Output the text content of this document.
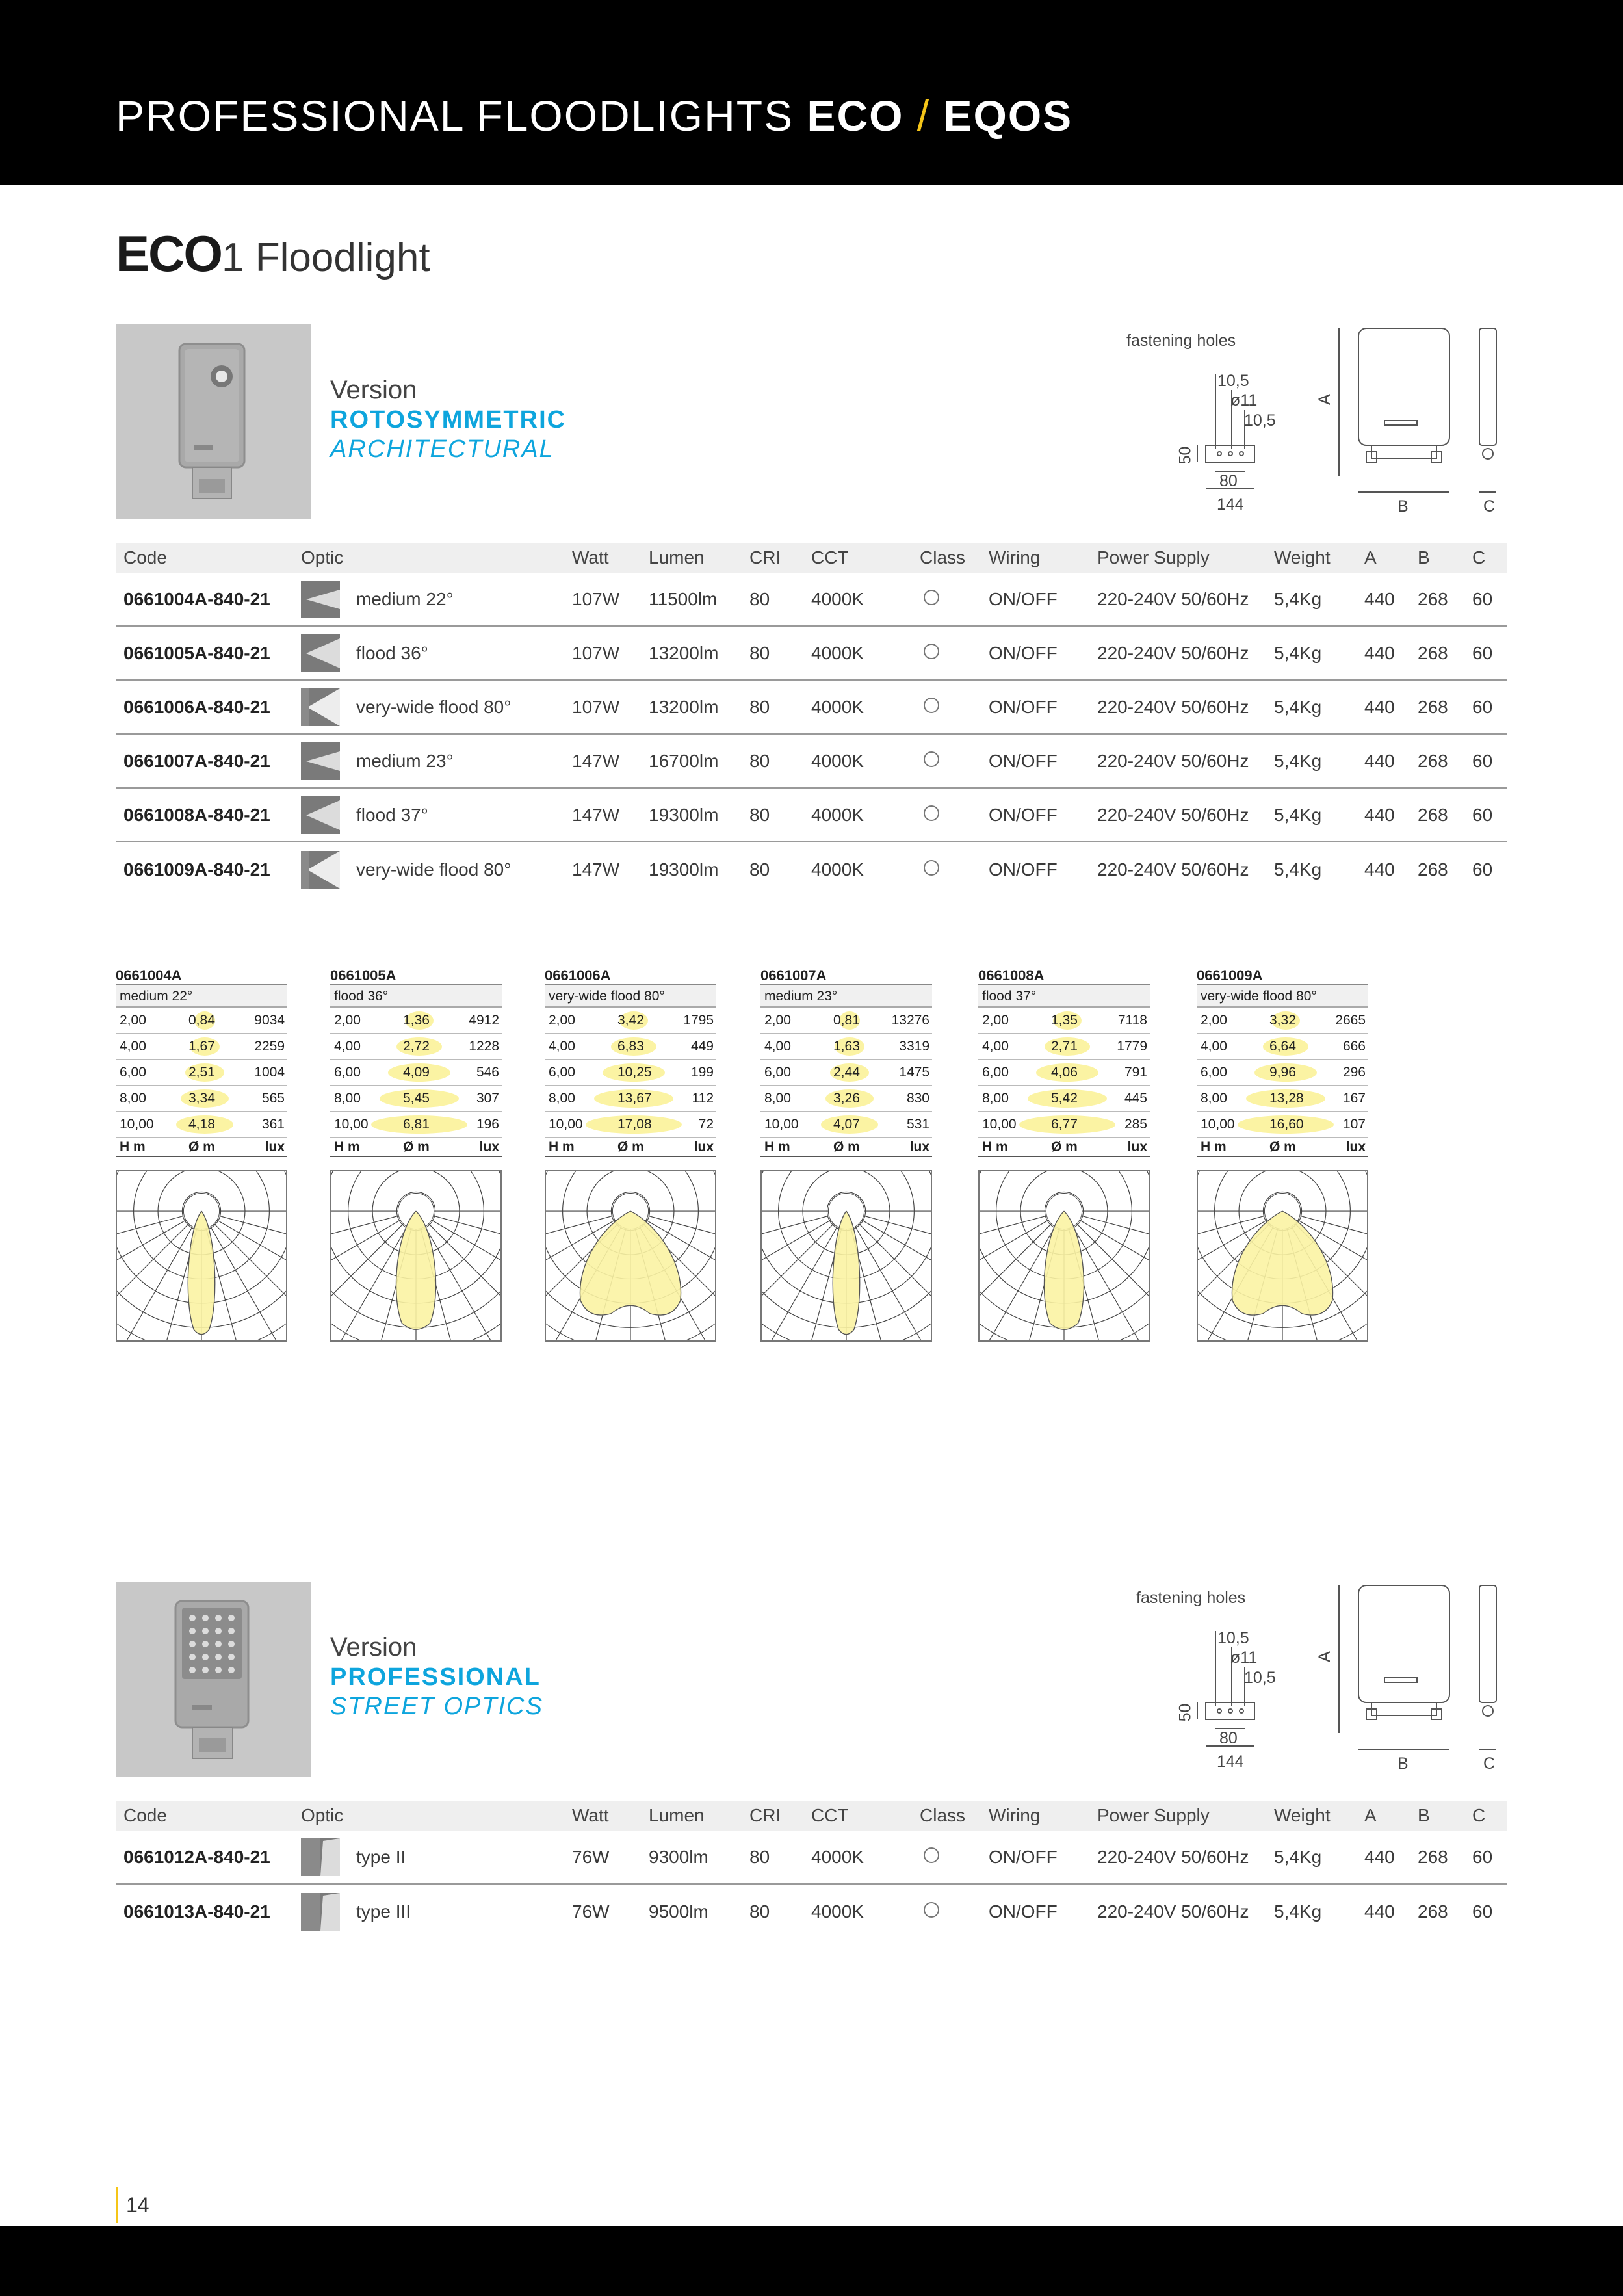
PROFESSIONAL FLOODLIGHTS ECO / EQOS
ECO1 Floodlight
Version
ROTOSYMMETRIC
ARCHITECTURAL
fastening holes
10,5
ø11
10,5
50
80
144
A
B	C
Code	Optic	Watt Lumen CRI CCT	Class Wiring	Power Supply	Weight A B C
0661004A-840-21	medium 22°	107W 11500lm 80 4000K	ON/OFF 220-240V 50/60Hz 5,4Kg 440 268 60
0661005A-840-21	flood 36°	107W 13200lm 80 4000K	ON/OFF 220-240V 50/60Hz 5,4Kg 440 268 60
0661006A-840-21	very-wide flood 80°	107W 13200lm 80 4000K	ON/OFF 220-240V 50/60Hz 5,4Kg 440 268 60
0661007A-840-21	medium 23°	147W 16700lm 80 4000K	ON/OFF 220-240V 50/60Hz 5,4Kg 440 268 60
0661008A-840-21	flood 37°	147W 19300lm 80 4000K	ON/OFF 220-240V 50/60Hz 5,4Kg 440 268 60
0661009A-840-21	very-wide flood 80°	147W 19300lm 80 4000K	ON/OFF 220-240V 50/60Hz 5,4Kg 440 268 60
0661004A
medium 22°
2,00	0,84	9034
4,00	1,67	2259
6,00	2,51	1004
8,00	3,34	565
10,00	4,18	361
H m	Ø m	lux
0661005A
flood 36°
2,00	1,36	4912
4,00	2,72	1228
6,00	4,09	546
8,00	5,45	307
10,00	6,81	196
H m	Ø m	lux
0661006A
very-wide flood 80°
2,00	3,42	1795
4,00	6,83	449
6,00	10,25	199
8,00	13,67	112
10,00	17,08	72
H m	Ø m	lux
0661007A
medium 23°
2,00	0,81 13276
4,00	1,63	3319
6,00	2,44	1475
8,00	3,26	830
10,00	4,07	531
H m	Ø m	lux
0661008A
flood 37°
2,00	1,35	7118
4,00	2,71	1779
6,00	4,06	791
8,00	5,42	445
10,00	6,77	285
H m	Ø m	lux
0661009A
very-wide flood 80°
2,00	3,32	2665
4,00	6,64	666
6,00	9,96	296
8,00	13,28	167
10,00	16,60	107
H m	Ø m	lux
Version
PROFESSIONAL
STREET OPTICS
fastening holes
10,5
ø11
10,5
50
80
144
A
B	C
Code	Optic	Watt Lumen CRI CCT	Class Wiring	Power Supply	Weight A B C
0661012A-840-21	type II	76W 9300lm 80 4000K	ON/OFF 220-240V 50/60Hz 5,4Kg 440 268 60
0661013A-840-21	type III	76W 9500lm 80 4000K	ON/OFF 220-240V 50/60Hz 5,4Kg 440 268 60
14
